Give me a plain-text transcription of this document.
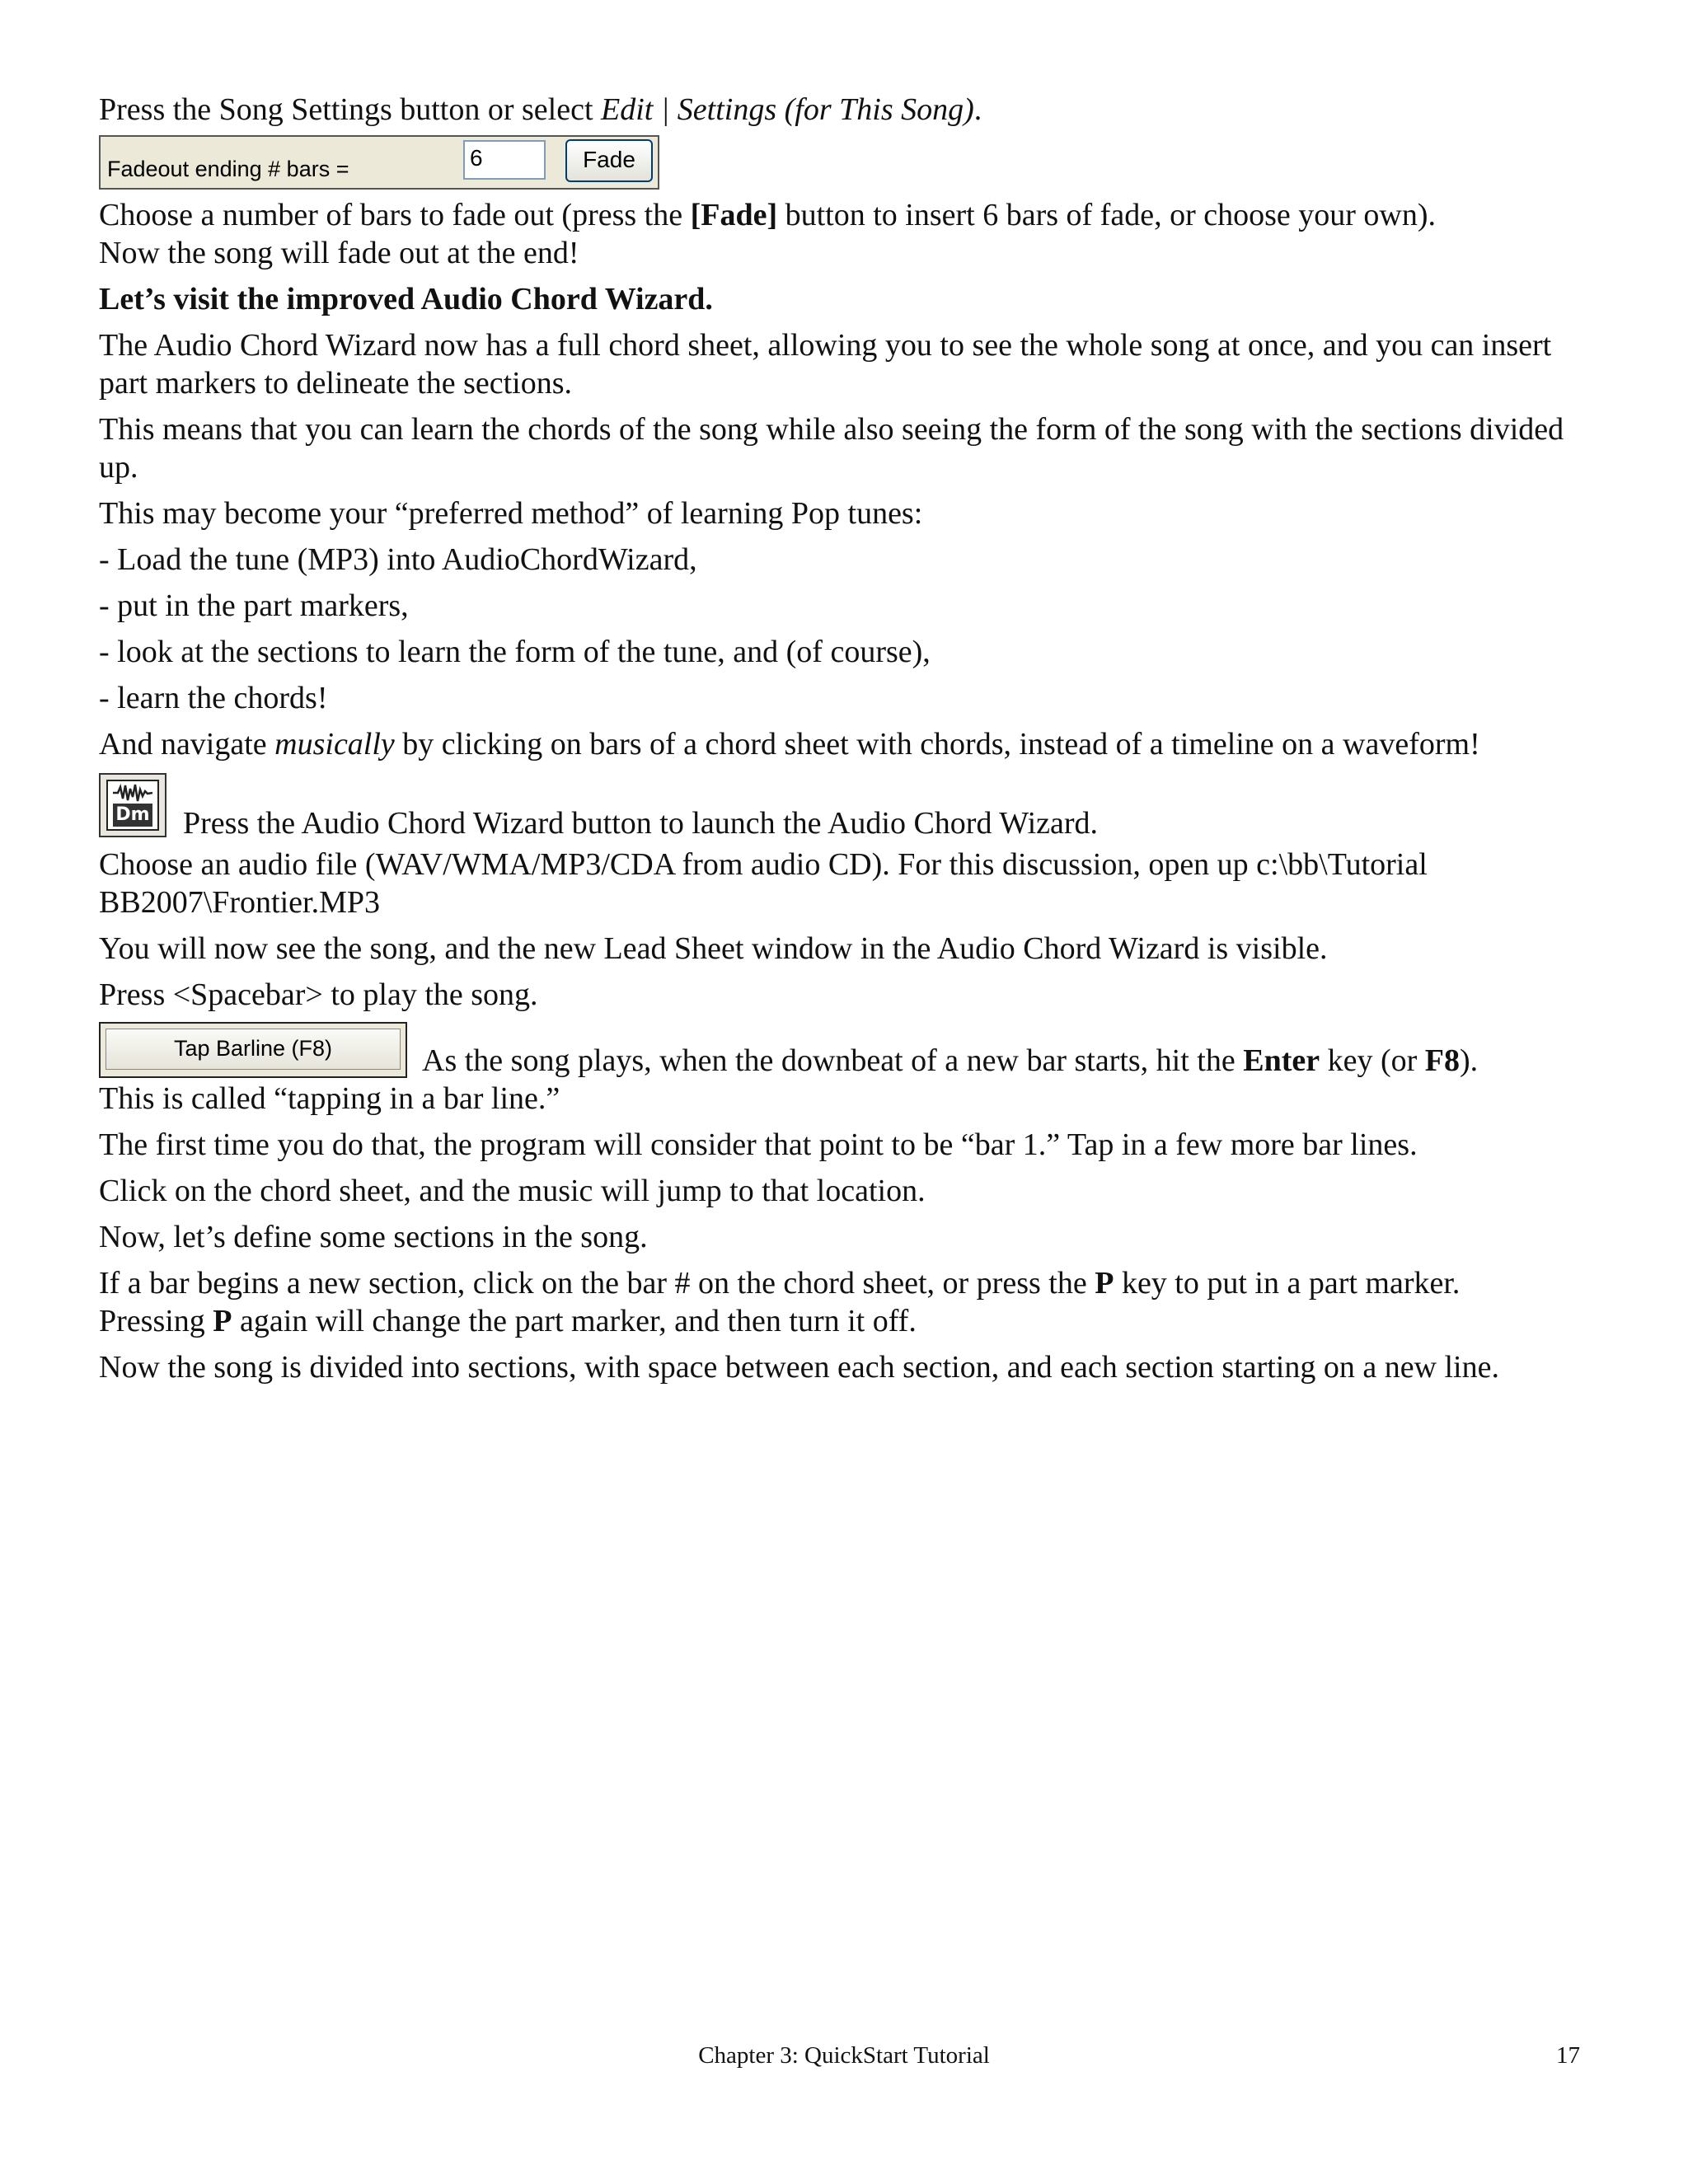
Press the Song Settings button or select Edit | Settings (for This Song).

Fadeout ending # bars =	6	Fade

Choose a number of bars to fade out (press the [Fade] button to insert 6 bars of fade, or choose your own).

Now the song will fade out at the end!

Let’s visit the improved Audio Chord Wizard.

The Audio Chord Wizard now has a full chord sheet, allowing you to see the whole song at once, and you can insert part markers to delineate the sections.

This means that you can learn the chords of the song while also seeing the form of the song with the sections divided up.

This may become your “preferred method” of learning Pop tunes:

- Load the tune (MP3) into AudioChordWizard,

- put in the part markers,

- look at the sections to learn the form of the tune, and (of course),

- learn the chords!

And navigate musically by clicking on bars of a chord sheet with chords, instead of a timeline on a waveform!

Dm Press the Audio Chord Wizard button to launch the Audio Chord Wizard.

Choose an audio file (WAV/WMA/MP3/CDA from audio CD). For this discussion, open up c:\bb\Tutorial BB2007\Frontier.MP3

You will now see the song, and the new Lead Sheet window in the Audio Chord Wizard is visible.

Press <Spacebar> to play the song.

Tap Barline (F8)	As the song plays, when the downbeat of a new bar starts, hit the Enter key (or F8).

This is called “tapping in a bar line.”

The first time you do that, the program will consider that point to be “bar 1.” Tap in a few more bar lines.

Click on the chord sheet, and the music will jump to that location.

Now, let’s define some sections in the song.

If a bar begins a new section, click on the bar # on the chord sheet, or press the P key to put in a part marker.

Pressing P again will change the part marker, and then turn it off.

Now the song is divided into sections, with space between each section, and each section starting on a new line.

Chapter 3: QuickStart Tutorial	17
